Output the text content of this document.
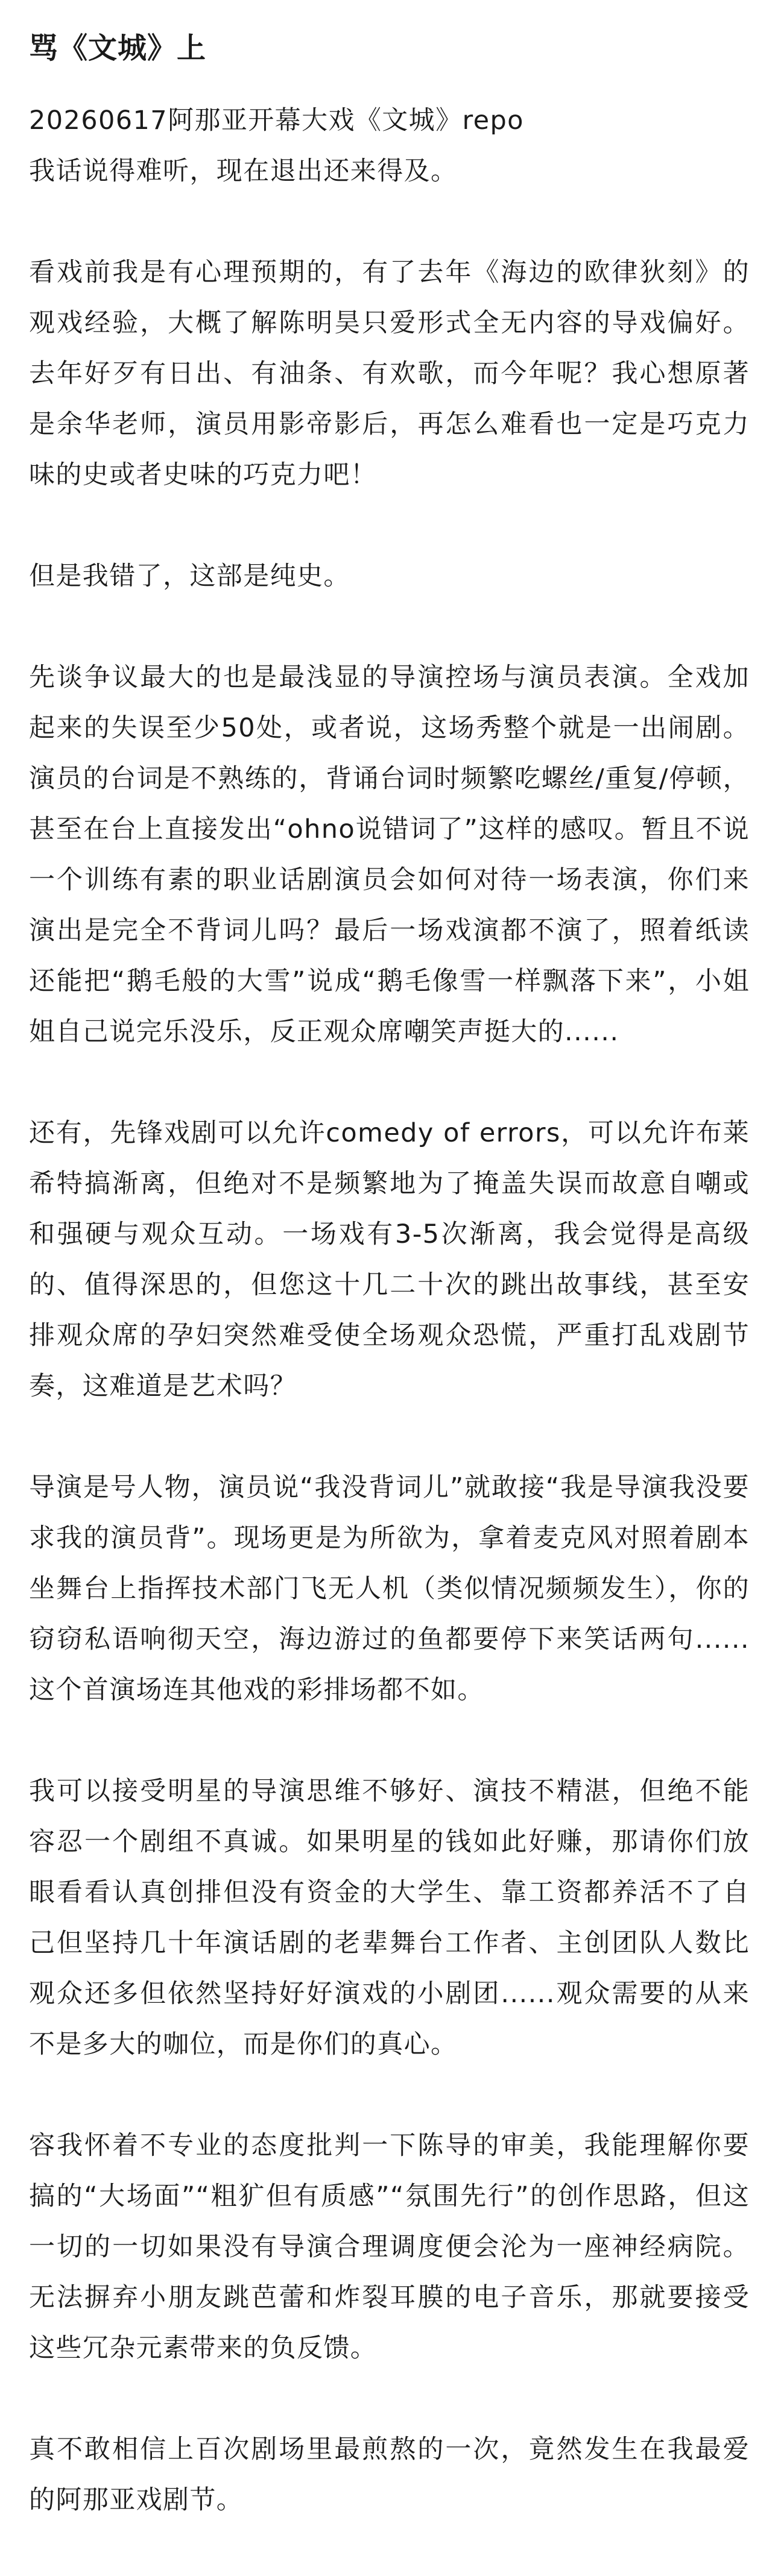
骂《文城》上

20260617阿那亚开幕大戏《文城》repo
我话说得难听，现在退出还来得及。

看戏前我是有心理预期的，有了去年《海边的欧律狄刻》的观戏经验，大概了解陈明昊只爱形式全无内容的导戏偏好。去年好歹有日出、有油条、有欢歌，而今年呢？我心想原著是余华老师，演员用影帝影后，再怎么难看也一定是巧克力味的史或者史味的巧克力吧！

但是我错了，这部是纯史。

先谈争议最大的也是最浅显的导演控场与演员表演。全戏加起来的失误至少50处，或者说，这场秀整个就是一出闹剧。演员的台词是不熟练的，背诵台词时频繁吃螺丝/重复/停顿，甚至在台上直接发出“ohno说错词了”这样的感叹。暂且不说一个训练有素的职业话剧演员会如何对待一场表演，你们来演出是完全不背词儿吗？最后一场戏演都不演了，照着纸读还能把“鹅毛般的大雪”说成“鹅毛像雪一样飘落下来”，小姐姐自己说完乐没乐，反正观众席嘲笑声挺大的......

还有，先锋戏剧可以允许comedy of errors，可以允许布莱希特搞渐离，但绝对不是频繁地为了掩盖失误而故意自嘲或和强硬与观众互动。一场戏有3-5次渐离，我会觉得是高级的、值得深思的，但您这十几二十次的跳出故事线，甚至安排观众席的孕妇突然难受使全场观众恐慌，严重打乱戏剧节奏，这难道是艺术吗？

导演是号人物，演员说“我没背词儿”就敢接“我是导演我没要求我的演员背”。现场更是为所欲为，拿着麦克风对照着剧本坐舞台上指挥技术部门飞无人机（类似情况频频发生），你的窃窃私语响彻天空，海边游过的鱼都要停下来笑话两句......这个首演场连其他戏的彩排场都不如。

我可以接受明星的导演思维不够好、演技不精湛，但绝不能容忍一个剧组不真诚。如果明星的钱如此好赚，那请你们放眼看看认真创排但没有资金的大学生、靠工资都养活不了自己但坚持几十年演话剧的老辈舞台工作者、主创团队人数比观众还多但依然坚持好好演戏的小剧团......观众需要的从来不是多大的咖位，而是你们的真心。

容我怀着不专业的态度批判一下陈导的审美，我能理解你要搞的“大场面”“粗犷但有质感”“氛围先行”的创作思路，但这一切的一切如果没有导演合理调度便会沦为一座神经病院。无法摒弃小朋友跳芭蕾和炸裂耳膜的电子音乐，那就要接受这些冗杂元素带来的负反馈。

真不敢相信上百次剧场里最煎熬的一次，竟然发生在我最爱的阿那亚戏剧节。
